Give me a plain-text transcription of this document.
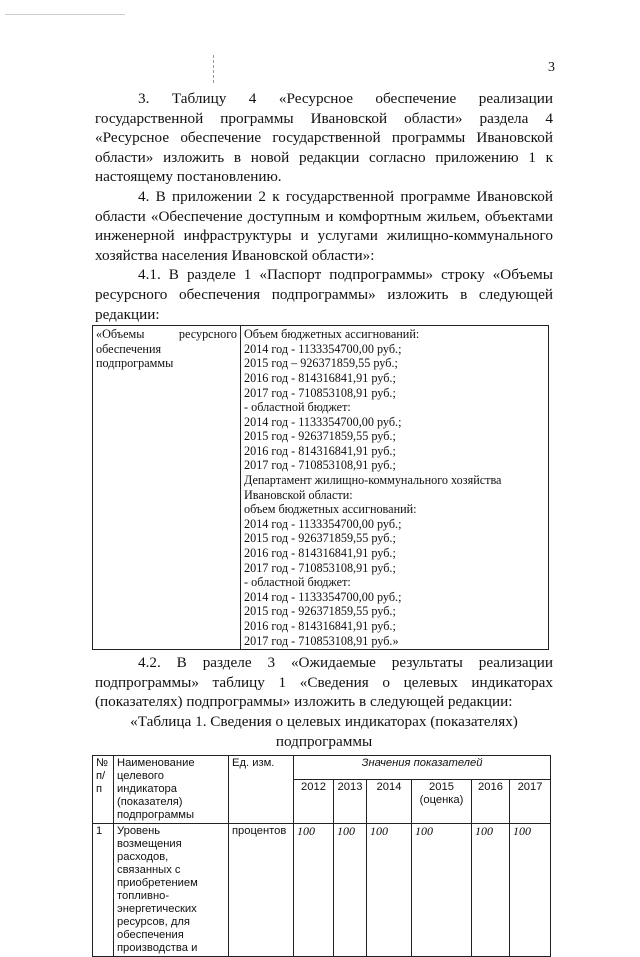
3

3. Таблицу 4 «Ресурсное обеспечение реализации государственной программы Ивановской области» раздела 4 «Ресурсное обеспечение государственной программы Ивановской области» изложить в новой редакции согласно приложению 1 к настоящему постановлению.

4. В приложении 2 к государственной программе Ивановской области «Обеспечение доступным и комфортным жильем, объектами инженерной инфраструктуры и услугами жилищно-коммунального хозяйства населения Ивановской области»:

4.1. В разделе 1 «Паспорт подпрограммы» строку «Объемы ресурсного обеспечения подпрограммы» изложить в следующей редакции:

«Объемы ресурсного обеспечения подпрограммы

Объем бюджетных ассигнований:
2014 год - 1133354700,00 руб.;
2015 год – 926371859,55 руб.;
2016 год - 814316841,91 руб.;
2017 год - 710853108,91 руб.;
- областной бюджет:
2014 год - 1133354700,00 руб.;
2015 год - 926371859,55 руб.;
2016 год - 814316841,91 руб.;
2017 год - 710853108,91 руб.;
Департамент жилищно-коммунального хозяйства
Ивановской области:
объем бюджетных ассигнований:
2014 год - 1133354700,00 руб.;
2015 год - 926371859,55 руб.;
2016 год - 814316841,91 руб.;
2017 год - 710853108,91 руб.;
- областной бюджет:
2014 год - 1133354700,00 руб.;
2015 год - 926371859,55 руб.;
2016 год - 814316841,91 руб.;
2017 год - 710853108,91 руб.»

4.2. В разделе 3 «Ожидаемые результаты реализации подпрограммы» таблицу 1 «Сведения о целевых индикаторах (показателях) подпрограммы» изложить в следующей редакции:

«Таблица 1. Сведения о целевых индикаторах (показателях) подпрограммы

№ п/п	Наименование целевого индикатора (показателя) подпрограммы	Ед. изм.	Значения показателей					
			2012	2013	2014	2015 (оценка)	2016	2017
1	Уровень возмещения расходов, связанных с приобретением топливно-энергетических ресурсов, для обеспечения производства и	процентов	100	100	100	100	100	100
